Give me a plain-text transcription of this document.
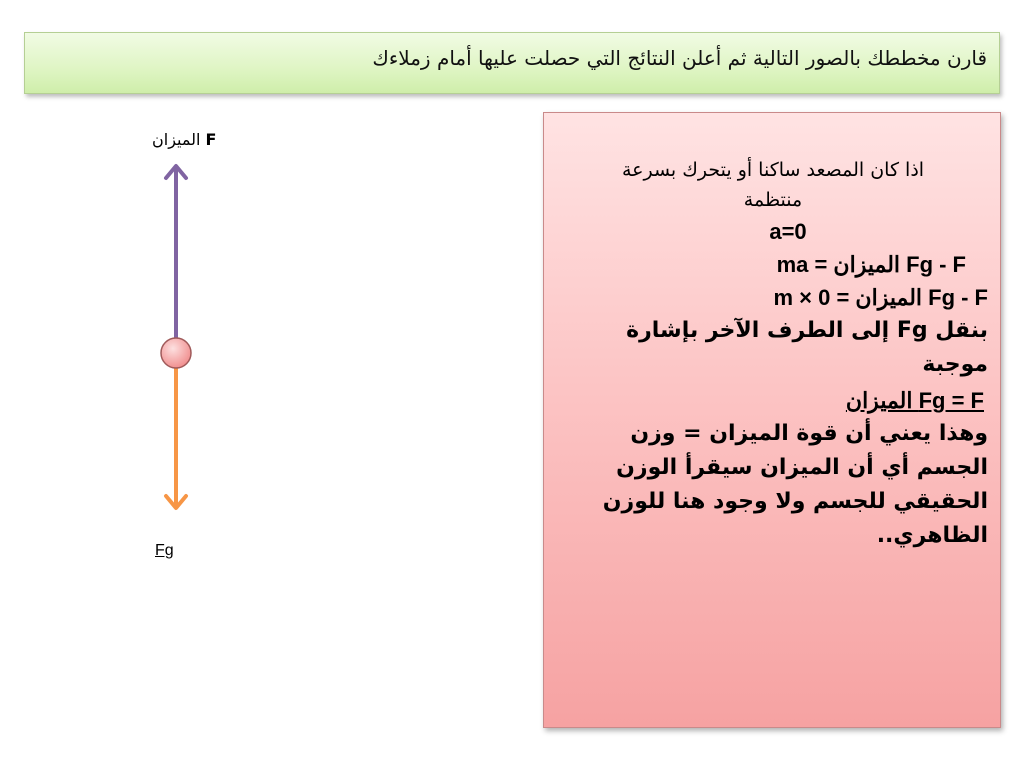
قارن مخططك بالصور التالية ثم أعلن النتائج التي حصلت عليها أمام زملاءك
F الميزان
Fg
اذا كان المصعد ساكنا أو يتحرك بسرعة
منتظمة
a=0
Fg - F الميزان = ma
Fg - F الميزان = m × 0
بنقل Fg إلى الطرف الآخر بإشارة موجبة
Fg = F الميزان
وهذا يعني أن قوة الميزان = وزن الجسم أي أن الميزان سيقرأ الوزن الحقيقي للجسم ولا وجود هنا للوزن الظاهري..
